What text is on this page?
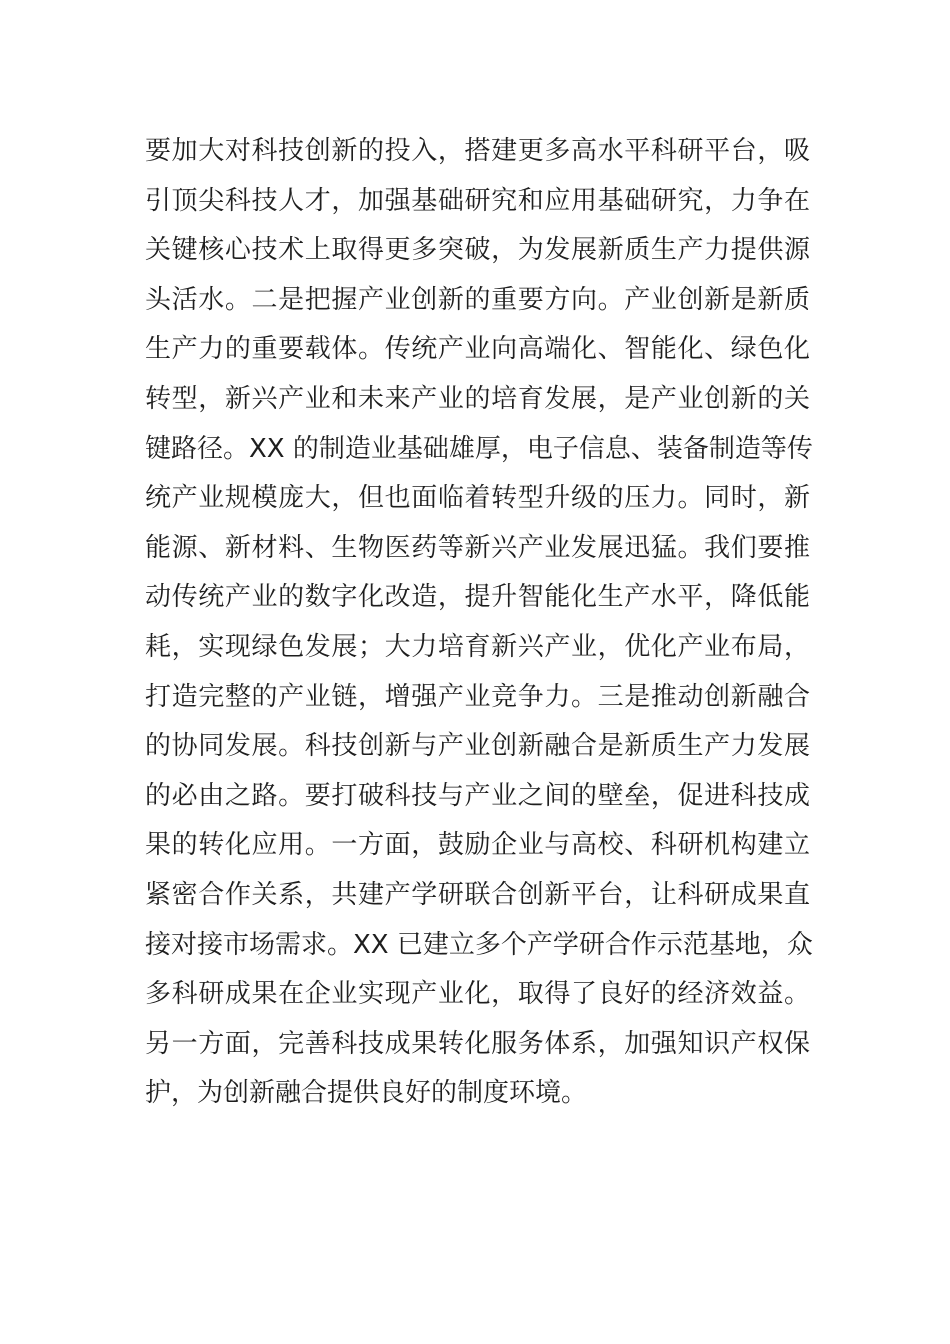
要加大对科技创新的投入，搭建更多高水平科研平台，吸
引顶尖科技人才，加强基础研究和应用基础研究，力争在
关键核心技术上取得更多突破，为发展新质生产力提供源
头活水。二是把握产业创新的重要方向。产业创新是新质
生产力的重要载体。传统产业向高端化、智能化、绿色化
转型，新兴产业和未来产业的培育发展，是产业创新的关
键路径。XX 的制造业基础雄厚，电子信息、装备制造等传
统产业规模庞大，但也面临着转型升级的压力。同时，新
能源、新材料、生物医药等新兴产业发展迅猛。我们要推
动传统产业的数字化改造，提升智能化生产水平，降低能
耗，实现绿色发展；大力培育新兴产业，优化产业布局，
打造完整的产业链，增强产业竞争力。三是推动创新融合
的协同发展。科技创新与产业创新融合是新质生产力发展
的必由之路。要打破科技与产业之间的壁垒，促进科技成
果的转化应用。一方面，鼓励企业与高校、科研机构建立
紧密合作关系，共建产学研联合创新平台，让科研成果直
接对接市场需求。XX 已建立多个产学研合作示范基地，众
多科研成果在企业实现产业化，取得了良好的经济效益。
另一方面，完善科技成果转化服务体系，加强知识产权保
护，为创新融合提供良好的制度环境。
